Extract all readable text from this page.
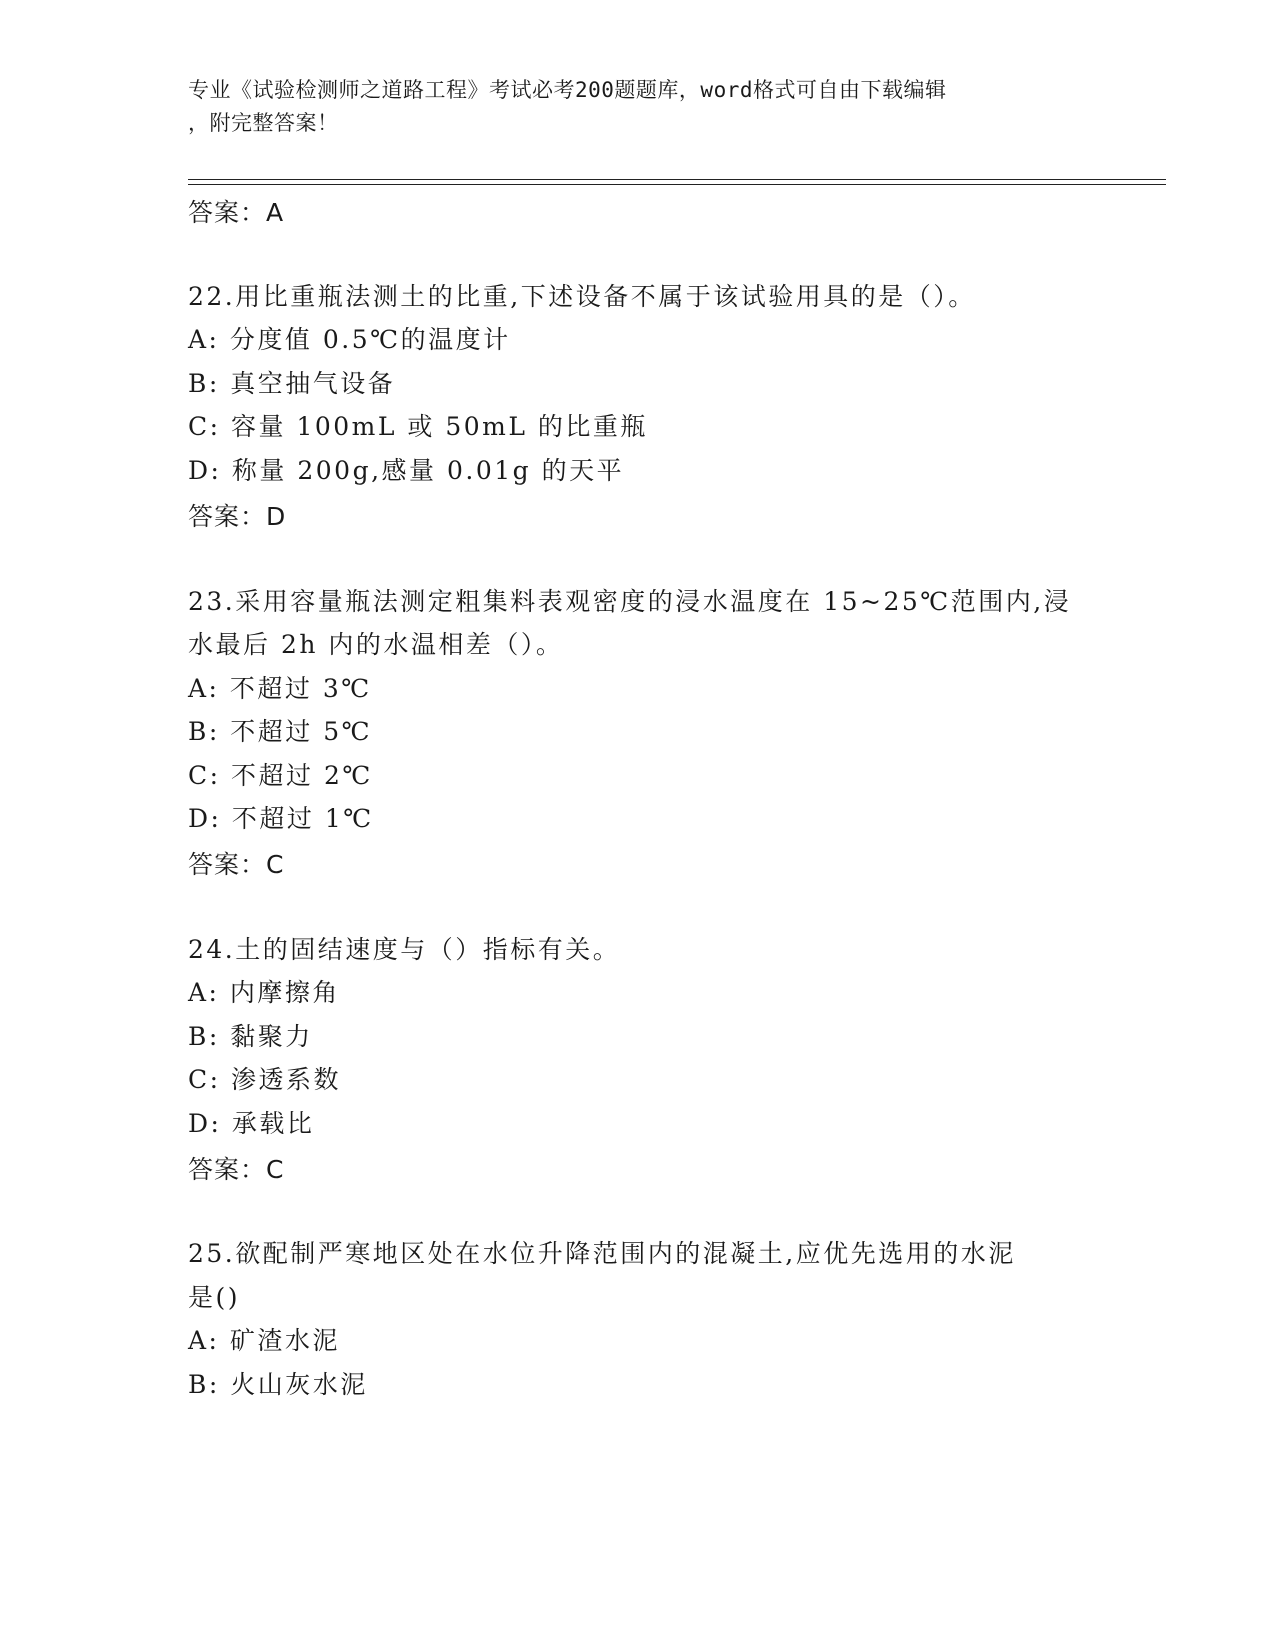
专业《试验检测师之道路工程》考试必考200题题库，word格式可自由下载编辑
，附完整答案！
答案：A
22.用比重瓶法测土的比重,下述设备不属于该试验用具的是（）。
A: 分度值 0.5℃的温度计
B: 真空抽气设备
C: 容量 100mL 或 50mL 的比重瓶
D: 称量 200g,感量 0.01g 的天平
答案：D
23.采用容量瓶法测定粗集料表观密度的浸水温度在 15~25℃范围内,浸
水最后 2h 内的水温相差（）。
A: 不超过 3℃
B: 不超过 5℃
C: 不超过 2℃
D: 不超过 1℃
答案：C
24.土的固结速度与（）指标有关。
A: 内摩擦角
B: 黏聚力
C: 渗透系数
D: 承载比
答案：C
25.欲配制严寒地区处在水位升降范围内的混凝土,应优先选用的水泥
是()
A: 矿渣水泥
B: 火山灰水泥
